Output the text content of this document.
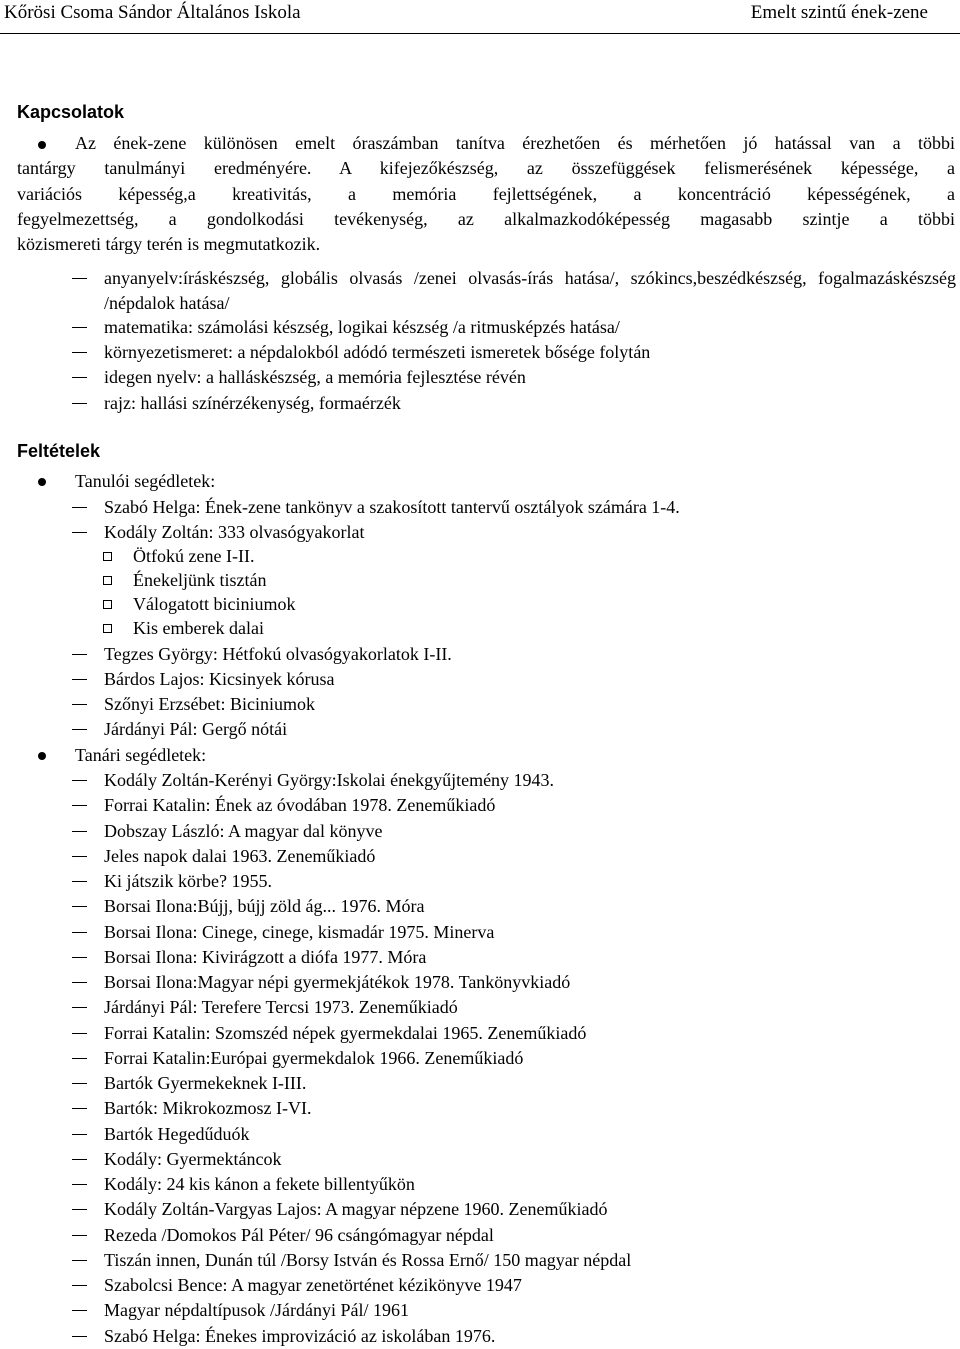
Kőrösi Csoma Sándor Általános Iskola	Emelt szintű ének-zene
Kapcsolatok
Az ének-zene különösen emelt óraszámban tanítva érezhetően és mérhetően jó hatással van a többi
tantárgy tanulmányi eredményére. A kifejezőkészség, az összefüggések felismerésének képessége, a
variációs képesség,a kreativitás, a memória fejlettségének, a koncentráció képességének, a
fegyelmezettség, a gondolkodási tevékenység, az alkalmazkodóképesség magasabb szintje a többi
közismereti tárgy terén is megmutatkozik.
anyanyelv:íráskészség, globális olvasás /zenei olvasás-írás hatása/, szókincs,beszédkészség, fogalmazáskészség /népdalok hatása/
matematika: számolási készség, logikai készség /a ritmusképzés hatása/
környezetismeret: a népdalokból adódó természeti ismeretek bősége folytán
idegen nyelv: a halláskészség, a memória fejlesztése révén
rajz: hallási színérzékenység, formaérzék
Feltételek
Tanulói segédletek:
Szabó Helga: Ének-zene tankönyv a szakosított tantervű osztályok számára 1-4.
Kodály Zoltán: 333 olvasógyakorlat
Ötfokú zene I-II.
Énekeljünk tisztán
Válogatott biciniumok
Kis emberek dalai
Tegzes György: Hétfokú olvasógyakorlatok I-II.
Bárdos Lajos: Kicsinyek kórusa
Szőnyi Erzsébet: Biciniumok
Járdányi Pál: Gergő nótái
Tanári segédletek:
Kodály Zoltán-Kerényi György:Iskolai énekgyűjtemény 1943.
Forrai Katalin: Ének az óvodában 1978. Zeneműkiadó
Dobszay László: A magyar dal könyve
Jeles napok dalai 1963. Zeneműkiadó
Ki játszik körbe? 1955.
Borsai Ilona:Bújj, bújj zöld ág... 1976. Móra
Borsai Ilona: Cinege, cinege, kismadár 1975. Minerva
Borsai Ilona: Kivirágzott a diófa 1977. Móra
Borsai Ilona:Magyar népi gyermekjátékok 1978. Tankönyvkiadó
Járdányi Pál: Terefere Tercsi 1973. Zeneműkiadó
Forrai Katalin: Szomszéd népek gyermekdalai 1965. Zeneműkiadó
Forrai Katalin:Európai gyermekdalok 1966. Zeneműkiadó
Bartók Gyermekeknek I-III.
Bartók: Mikrokozmosz I-VI.
Bartók Hegedűduók
Kodály: Gyermektáncok
Kodály: 24 kis kánon a fekete billentyűkön
Kodály Zoltán-Vargyas Lajos: A magyar népzene 1960. Zeneműkiadó
Rezeda /Domokos Pál Péter/ 96 csángómagyar népdal
Tiszán innen, Dunán túl /Borsy István és Rossa Ernő/ 150 magyar népdal
Szabolcsi Bence: A magyar zenetörténet kézikönyve 1947
Magyar népdaltípusok /Járdányi Pál/ 1961
Szabó Helga: Énekes improvizáció az iskolában 1976.
